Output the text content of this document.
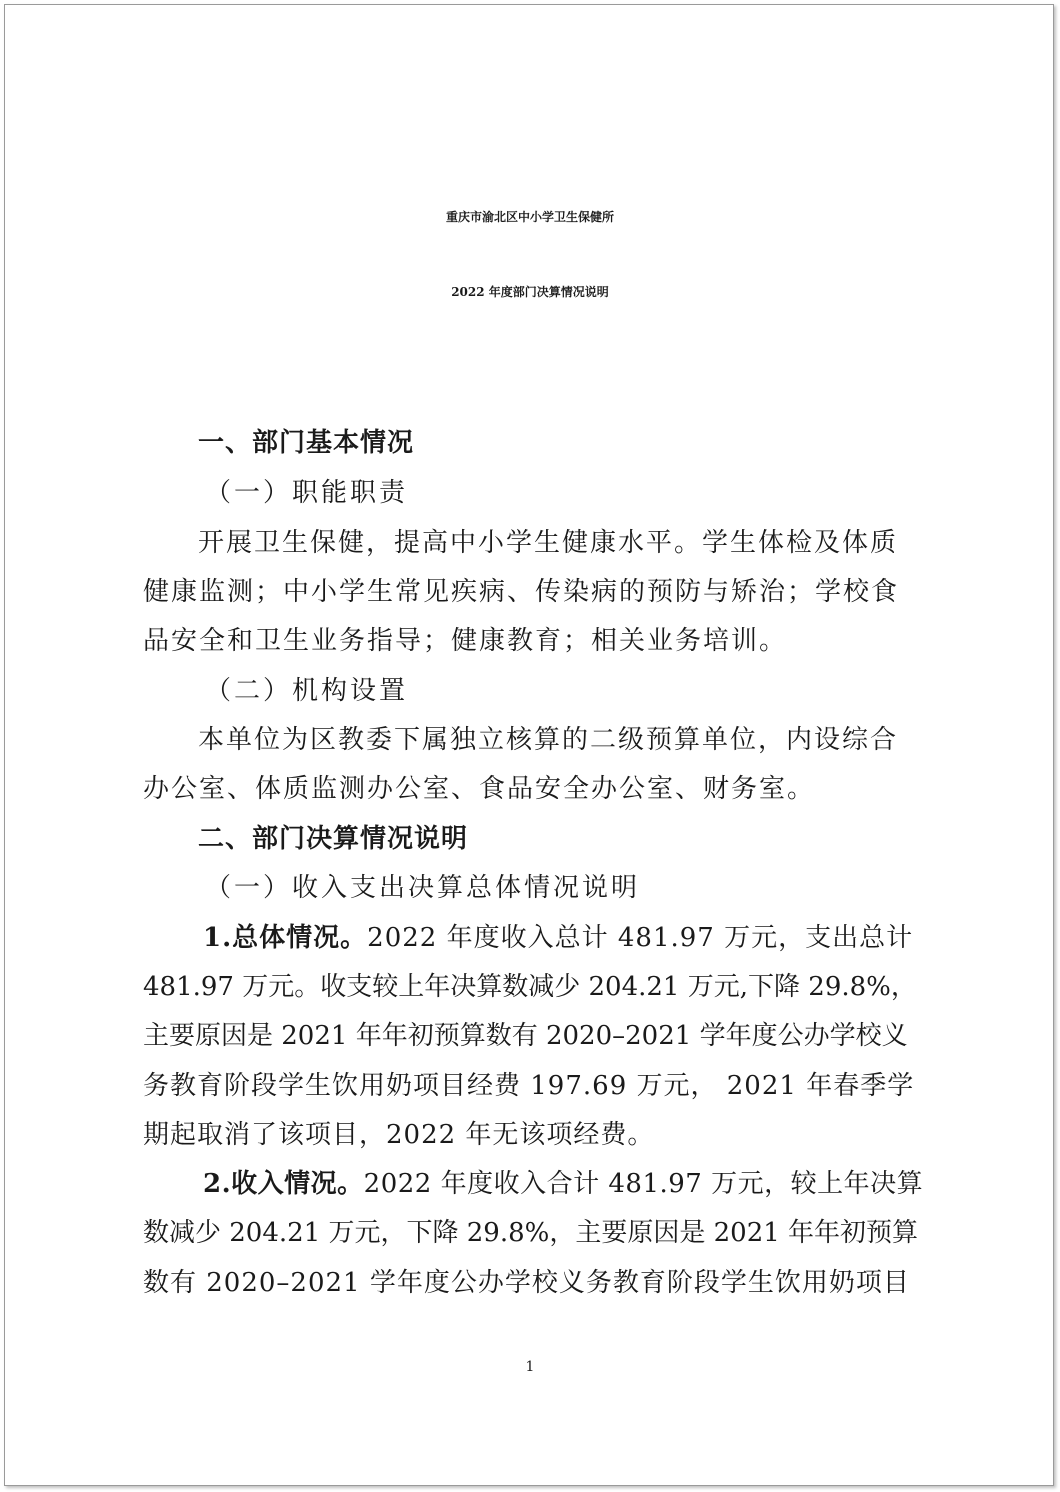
重庆市渝北区中小学卫生保健所
2022 年度部门决算情况说明
一、部门基本情况
（一）职能职责
开展卫生保健，提高中小学生健康水平。学生体检及体质
健康监测；中小学生常见疾病、传染病的预防与矫治；学校食
品安全和卫生业务指导；健康教育；相关业务培训。
（二）机构设置
本单位为区教委下属独立核算的二级预算单位，内设综合
办公室、体质监测办公室、食品安全办公室、财务室。
二、部门决算情况说明
（一）收入支出决算总体情况说明
1.总体情况。2022 年度收入总计 481.97 万元，支出总计
481.97 万元。收支较上年决算数减少 204.21 万元,下降 29.8%，
主要原因是 2021 年年初预算数有 2020–2021 学年度公办学校义
务教育阶段学生饮用奶项目经费 197.69 万元， 2021 年春季学
期起取消了该项目，2022 年无该项经费。
2.收入情况。2022 年度收入合计 481.97 万元，较上年决算
数减少 204.21 万元，下降 29.8%，主要原因是 2021 年年初预算
数有 2020–2021 学年度公办学校义务教育阶段学生饮用奶项目
1
